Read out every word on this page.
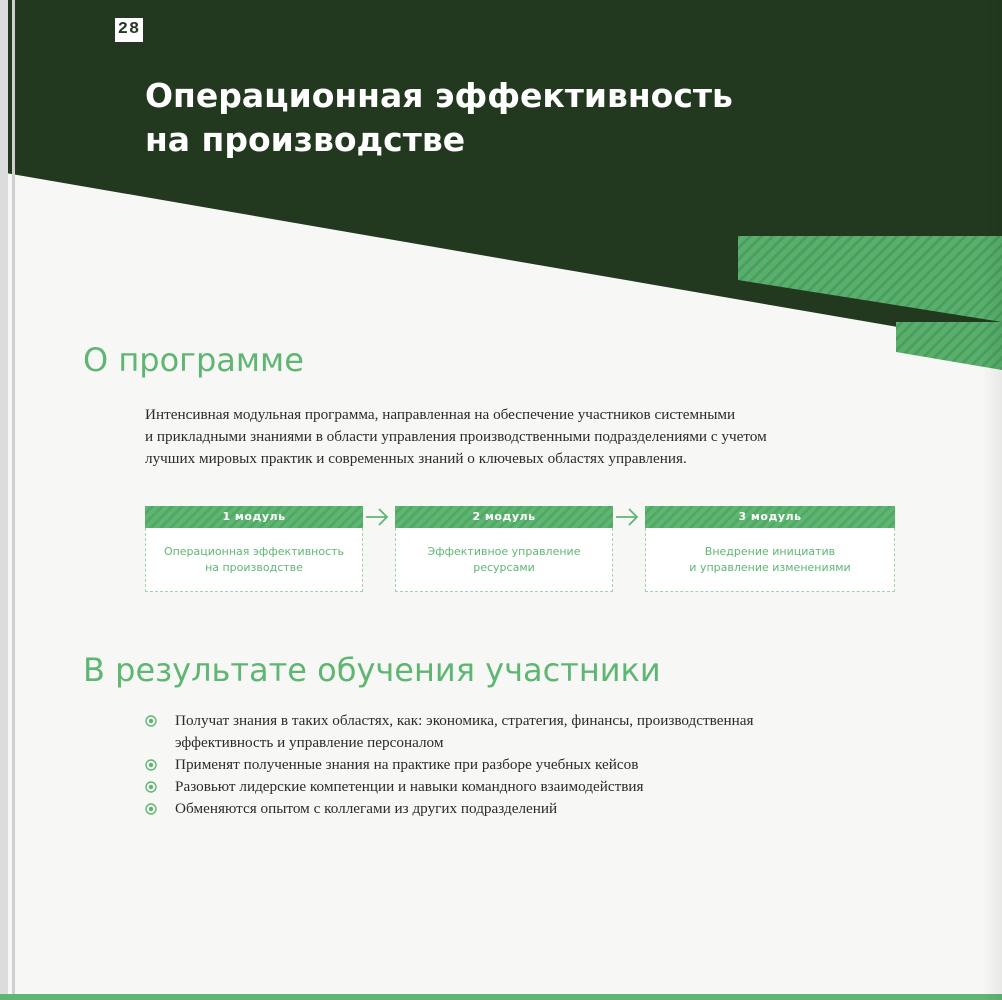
28
Операционная эффективность
на производстве
О программе

Интенсивная модульная программа, направленная на обеспечение участников системными
и прикладными знаниями в области управления производственными подразделениями с учетом
лучших мировых практик и современных знаний о ключевых областях управления.

1 модуль
Операционная эффективность
на производстве
2 модуль
Эффективное управление ресурсами
3 модуль
Внедрение инициатив
и управление изменениями
В результате обучения участники
Получат знания в таких областях, как: экономика, стратегия, финансы, производственная
эффективность и управление персоналом
Применят полученные знания на практике при разборе учебных кейсов
Разовьют лидерские компетенции и навыки командного взаимодействия
Обменяются опытом с коллегами из других подразделений
